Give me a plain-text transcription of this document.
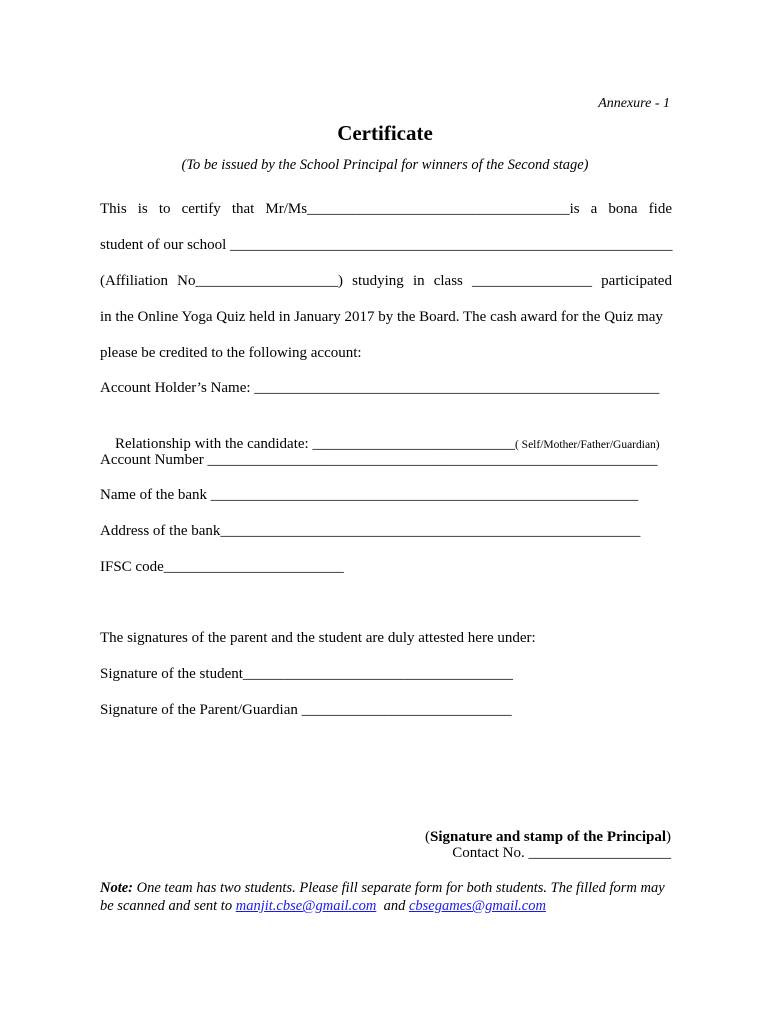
Annexure - 1
Certificate
(To be issued by the School Principal for winners of the Second stage)
This is to certify that Mr/Ms___________________________________is a bona fide
student of our school ___________________________________________________________
(Affiliation No___________________) studying in class ________________ participated
in the Online Yoga Quiz held in January 2017 by the Board. The cash award for the Quiz may
please be credited to the following account:
Account Holder’s Name: ______________________________________________________

Relationship with the candidate: ___________________________( Self/Mother/Father/Guardian)

Account Number ____________________________________________________________
Name of the bank _________________________________________________________
Address of the bank________________________________________________________
IFSC code________________________
The signatures of the parent and the student are duly attested here under:
Signature of the student____________________________________
Signature of the Parent/Guardian ____________________________

(Signature and stamp of the Principal)

Contact No. ___________________
Note: One team has two students. Please fill separate form for both students. The filled form may be scanned and sent to manjit.cbse@gmail.com  and cbsegames@gmail.com
